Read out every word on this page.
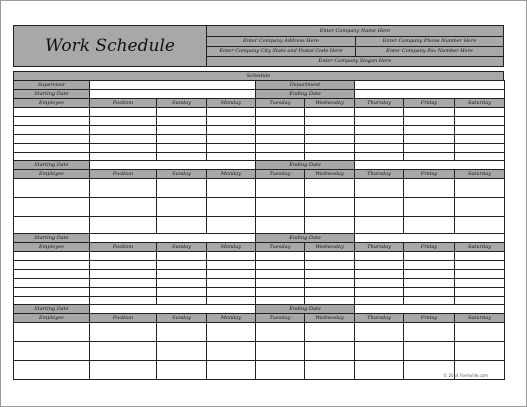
Work Schedule
Enter Company Name Here
Enter Company Address Here	Enter Company Phone Number Here
Enter Company City State and Postal Code Here	Enter Company Fax Number Here
Enter Company Slogan Here
Schedule
Supervisor				Department				
Starting Date				Ending Date				
Employee	Position	Sunday	Monday	Tuesday	Wednesday	Thursday	Friday	Saturday

Starting Date				Ending Date				
Employee	Position	Sunday	Monday	Tuesday	Wednesday	Thursday	Friday	Saturday

Starting Date				Ending Date				
Employee	Position	Sunday	Monday	Tuesday	Wednesday	Thursday	Friday	Saturday

Starting Date				Ending Date				
Employee	Position	Sunday	Monday	Tuesday	Wednesday	Thursday	Friday	Saturday

© 2014 Formville.com
